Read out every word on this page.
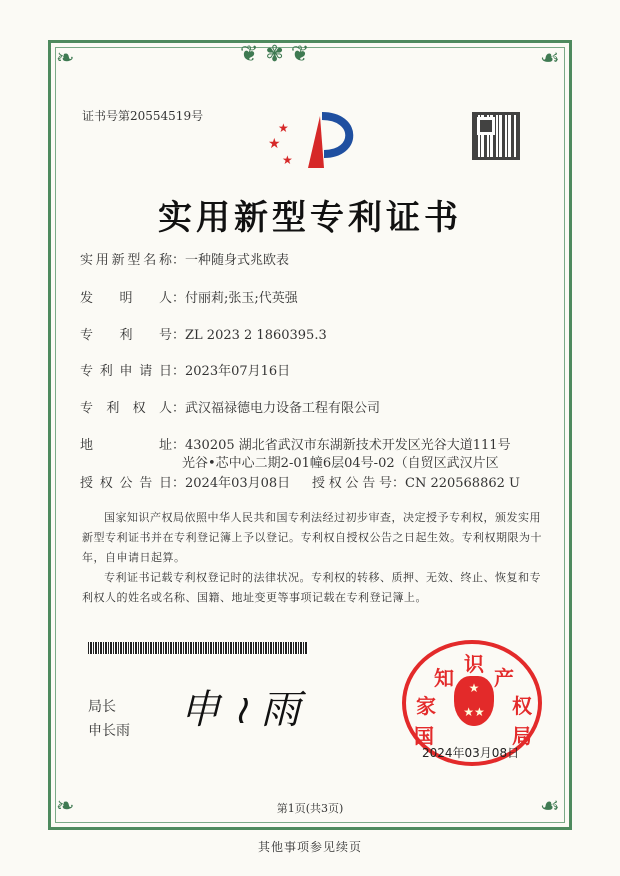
❦ ✾ ❦
❧	☙
❧	☙
证书号第20554519号
★
★
★
实用新型专利证书
实用新型名称：一种随身式兆欧表
发明人：付丽莉;张玉;代英强
专利号：ZL 2023 2 1860395.3
专利申请日：2023年07月16日
专利权人：武汉福禄德电力设备工程有限公司
地址：430205 湖北省武汉市东湖新技术开发区光谷大道111号
光谷•芯中心二期2-01幢6层04号-02（自贸区武汉片区
授权公告日：2024年03月08日 授权公告号：CN 220568862 U
国家知识产权局依照中华人民共和国专利法经过初步审查，决定授予专利权，颁发实用新型专利证书并在专利登记簿上予以登记。专利权自授权公告之日起生效。专利权期限为十年，自申请日起算。
专利证书记载专利权登记时的法律状况。专利权的转移、质押、无效、终止、恢复和专利权人的姓名或名称、国籍、地址变更等事项记载在专利登记簿上。
局长
申长雨 申 ≀ 雨
国
家
知
识
产
权
局
★
★★
2024年03月08日
第1页(共3页)
其他事项参见续页
